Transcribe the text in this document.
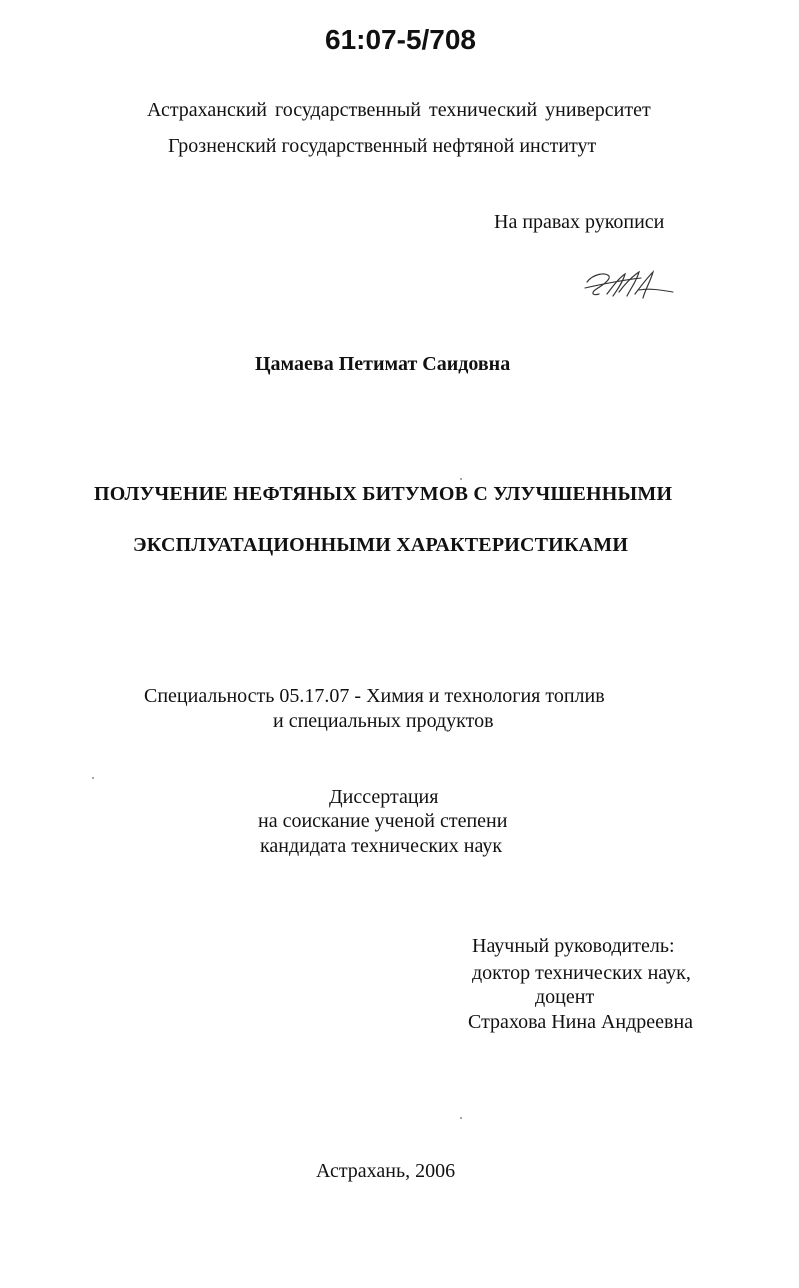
61:07-5/708
Астраханский государственный технический университет
Грозненский государственный нефтяной институт
На правах рукописи
Цамаева Петимат Саидовна
ПОЛУЧЕНИЕ НЕФТЯНЫХ БИТУМОВ С УЛУЧШЕННЫМИ
ЭКСПЛУАТАЦИОННЫМИ ХАРАКТЕРИСТИКАМИ
Специальность 05.17.07 - Химия и технология топлив
и специальных продуктов
Диссертация
на соискание ученой степени
кандидата технических наук
Научный руководитель:
доктор технических наук,
доцент
Страхова Нина Андреевна
Астрахань, 2006
